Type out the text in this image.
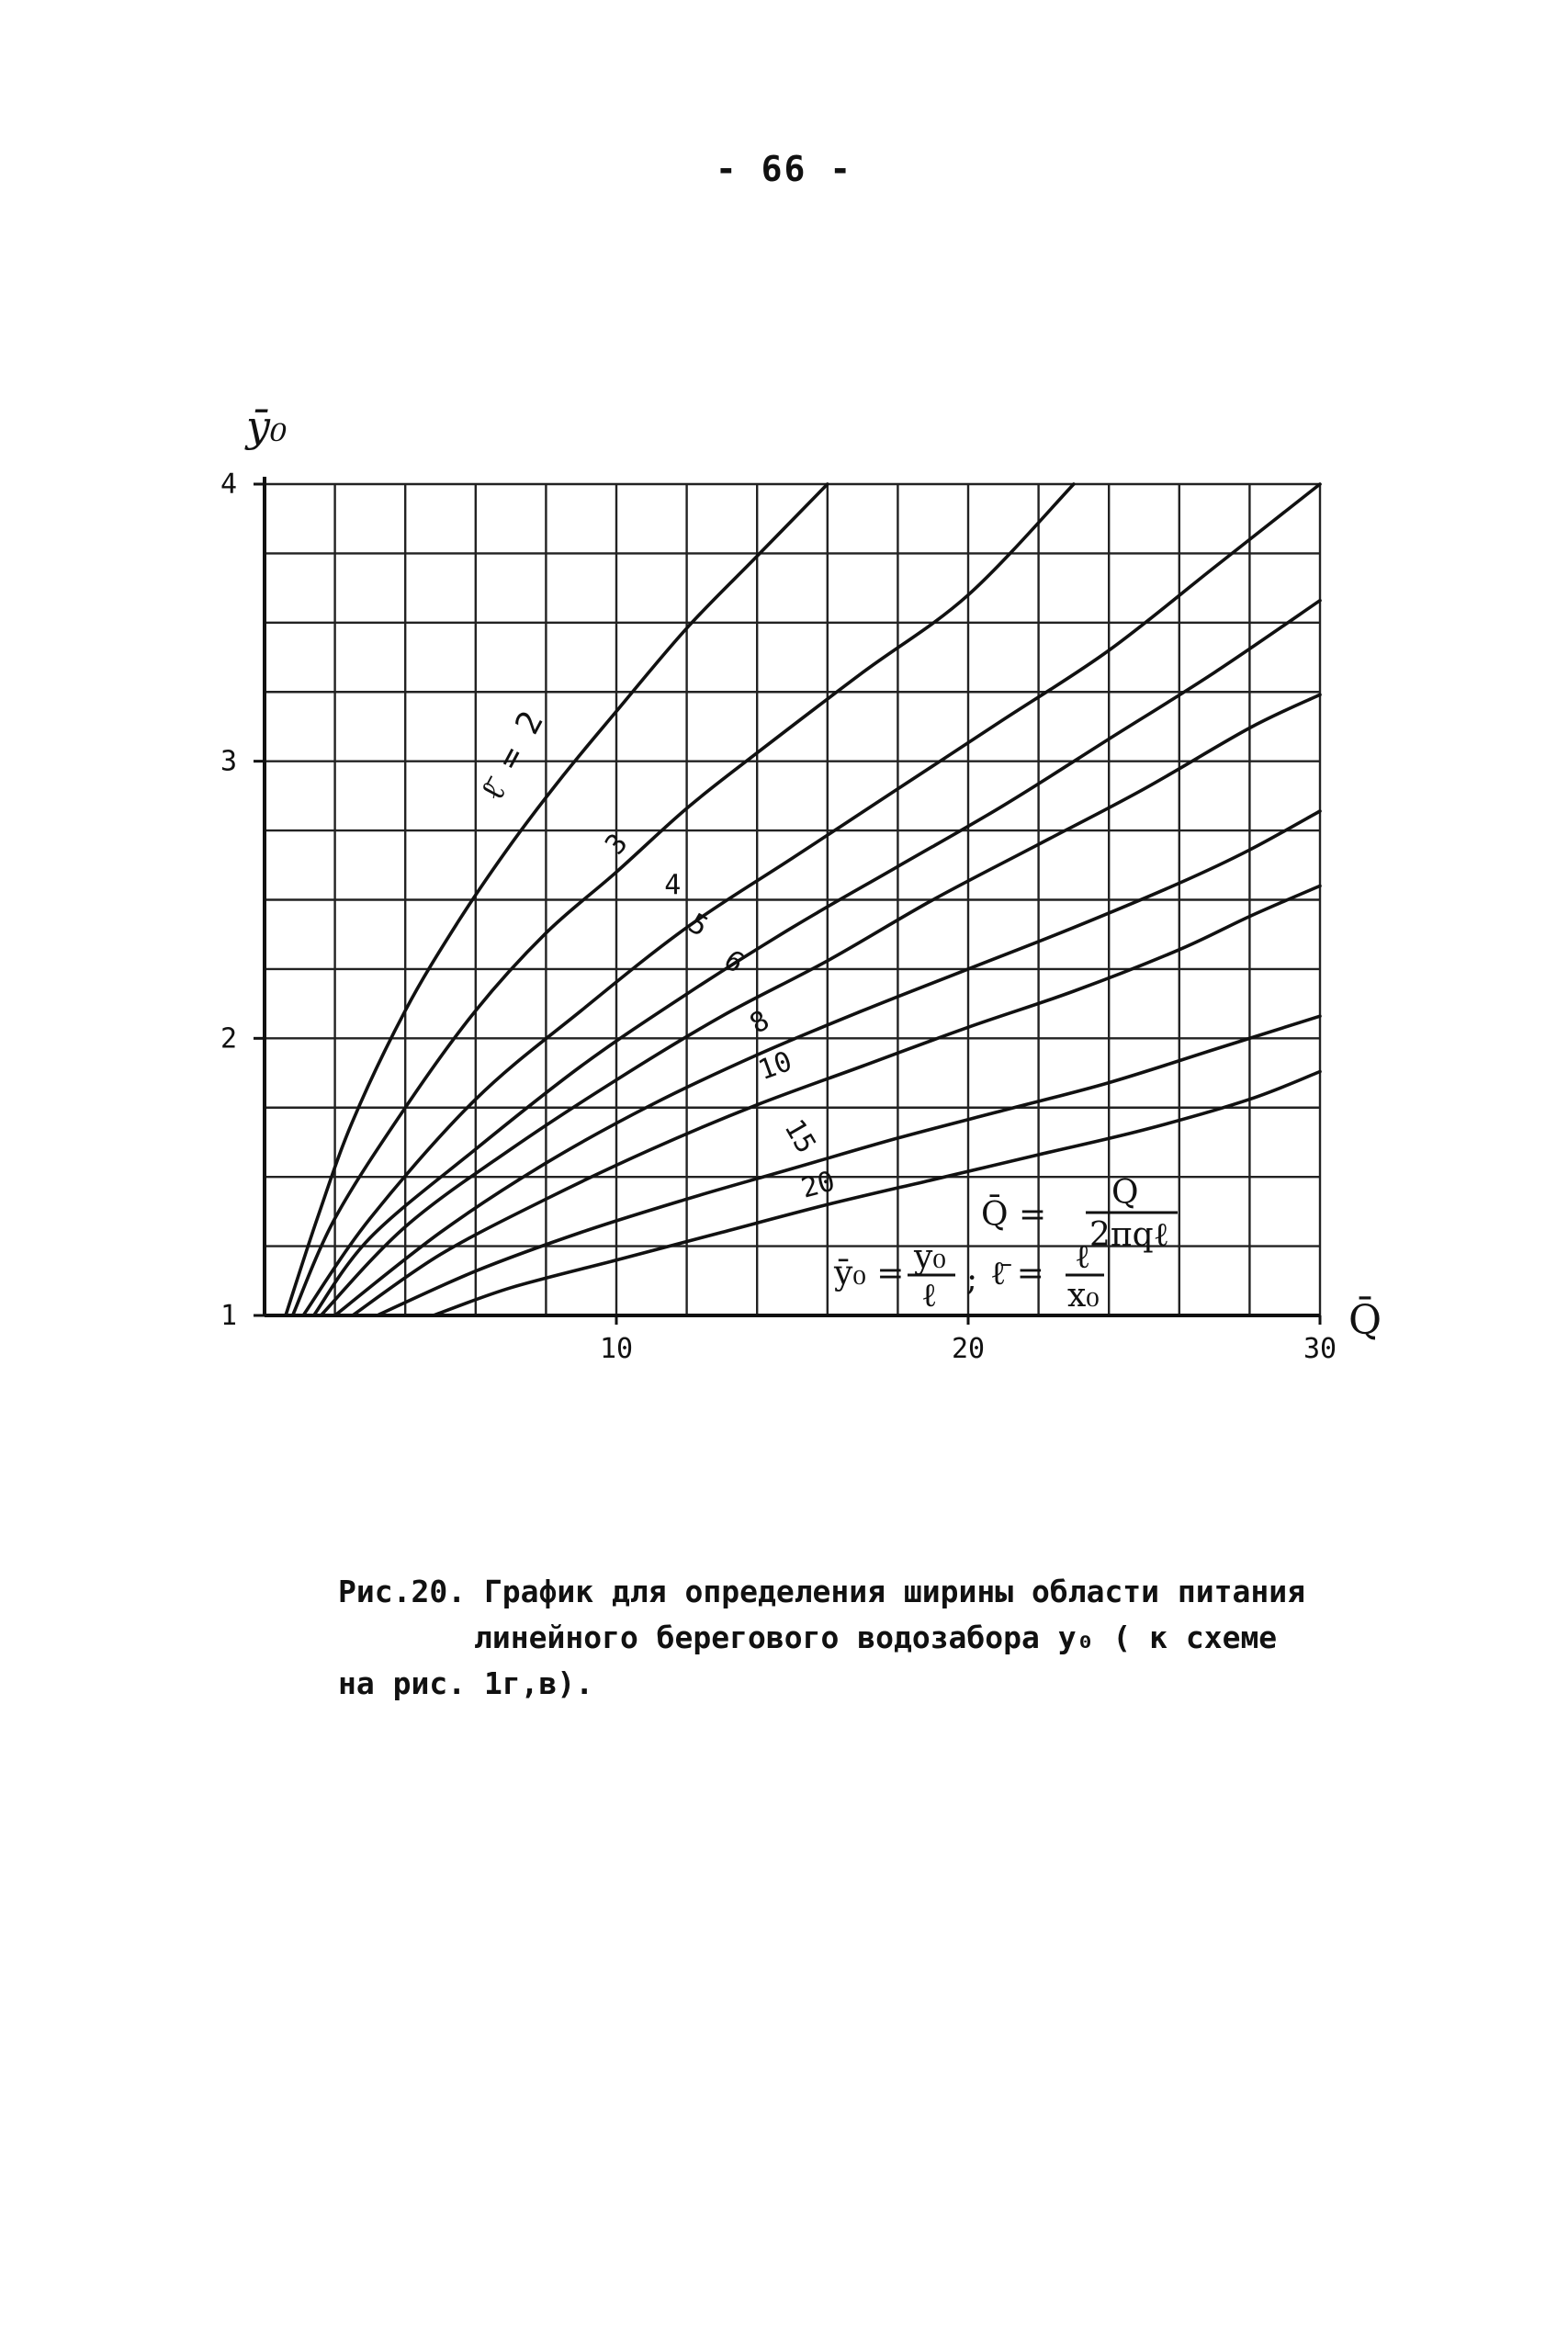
- 66 -
10	20	30
1
2
3
4
ℓ̄ = 2
3
4
5
6
8
10
15
20
ȳ₀
Q̄
Q̄ =
Q
2πqℓ
ȳ₀ = y₀
ℓ ; ℓ̄ = ℓ
x₀
Рис.20. График для определения ширины области питания
линейного берегового водозабора y₀ ( к схеме
на рис. 1г,в).
